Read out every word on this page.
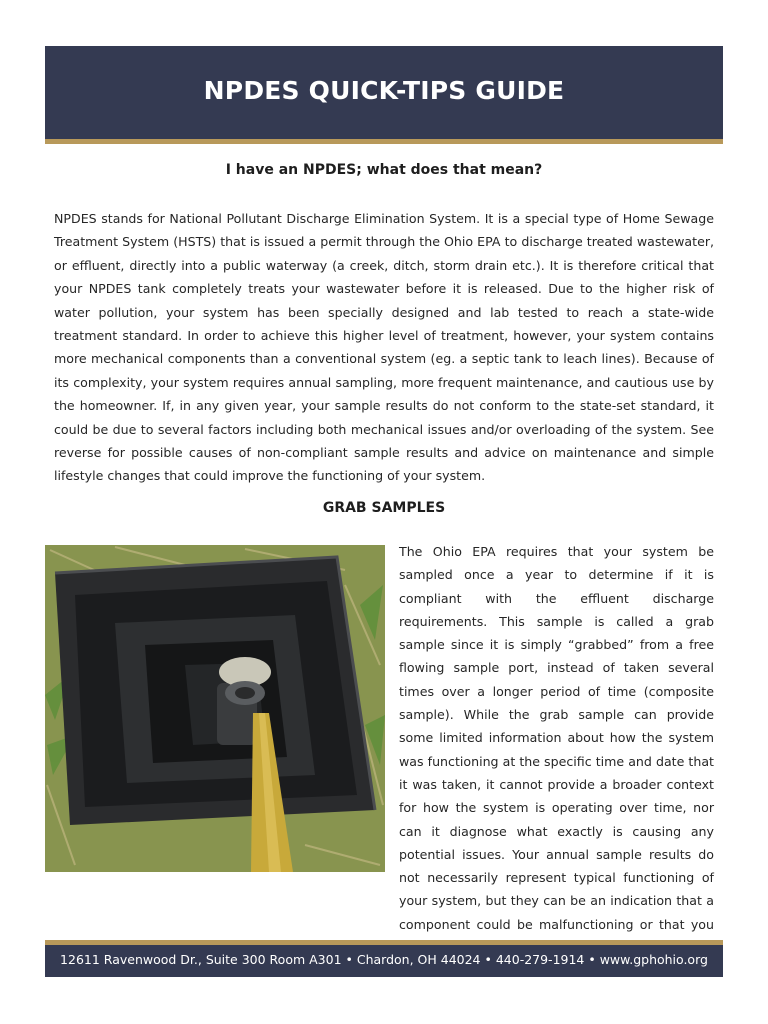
NPDES QUICK-TIPS GUIDE
I have an NPDES; what does that mean?
NPDES stands for National Pollutant Discharge Elimination System. It is a special type of Home Sewage Treatment System (HSTS) that is issued a permit through the Ohio EPA to discharge treated wastewater, or effluent, directly into a public waterway (a creek, ditch, storm drain etc.). It is therefore critical that your NPDES tank completely treats your wastewater before it is released. Due to the higher risk of water pollution, your system has been specially designed and lab tested to reach a state-wide treatment standard. In order to achieve this higher level of treatment, however, your system contains more mechanical components than a conventional system (eg. a septic tank to leach lines). Because of its complexity, your system requires annual sampling, more frequent maintenance, and cautious use by the homeowner. If, in any given year, your sample results do not conform to the state-set standard, it could be due to several factors including both mechanical issues and/or overloading of the system. See reverse for possible causes of non-compliant sample results and advice on maintenance and simple lifestyle changes that could improve the functioning of your system.
GRAB SAMPLES
The Ohio EPA requires that your system be sampled once a year to determine if it is compliant with the effluent discharge requirements. This sample is called a grab sample since it is simply “grabbed” from a free flowing sample port, instead of taken several times over a longer period of time (composite sample). While the grab sample can provide some limited information about how the system was functioning at the specific time and date that it was taken, it cannot provide a broader context for how the system is operating over time, nor can it diagnose what exactly is causing any potential issues. Your annual sample results do not necessarily represent typical functioning of your system, but they can be an indication that a component could be malfunctioning or that you
12611 Ravenwood Dr., Suite 300 Room A301 • Chardon, OH 44024 • 440-279-1914 • www.gphohio.org
